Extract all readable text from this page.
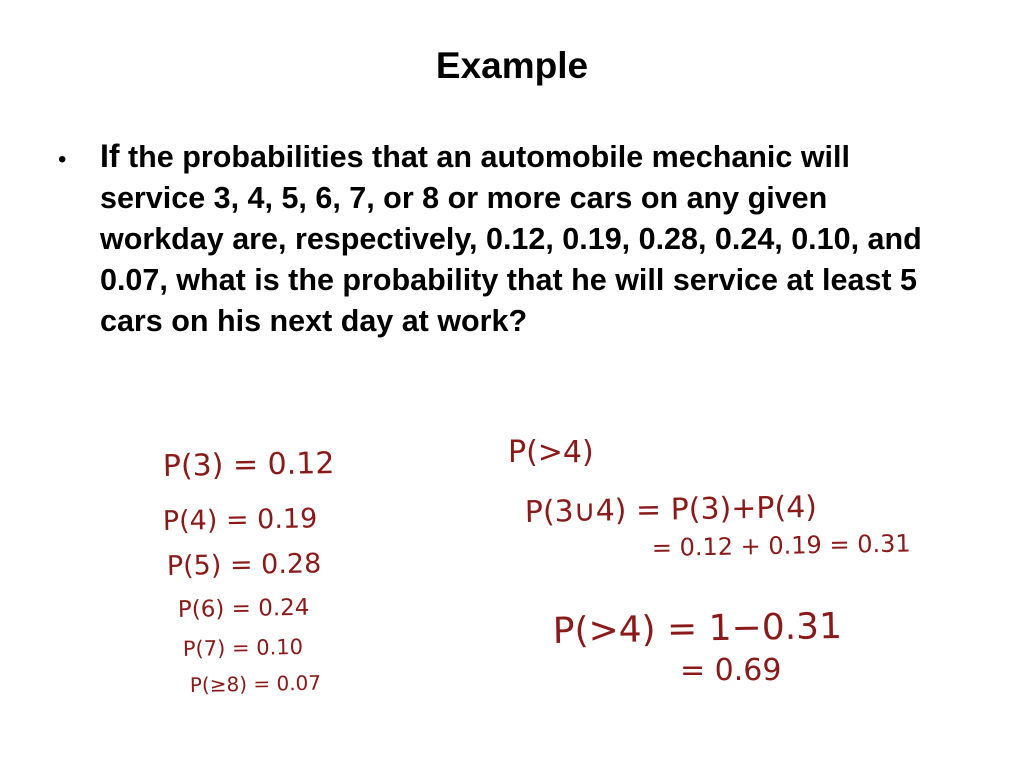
Example
• If the probabilities that an automobile mechanic will service 3, 4, 5, 6, 7, or 8 or more cars on any given workday are, respectively, 0.12, 0.19, 0.28, 0.24, 0.10, and 0.07, what is the probability that he will service at least 5 cars on his next day at work?
P(3) = 0.12
P(4) = 0.19
P(5) = 0.28
P(6) = 0.24
P(7) = 0.10
P(≥8) = 0.07
P(>4)
P(3∪4) = P(3)+P(4)
= 0.12 + 0.19 = 0.31
P(>4) = 1−0.31
= 0.69
